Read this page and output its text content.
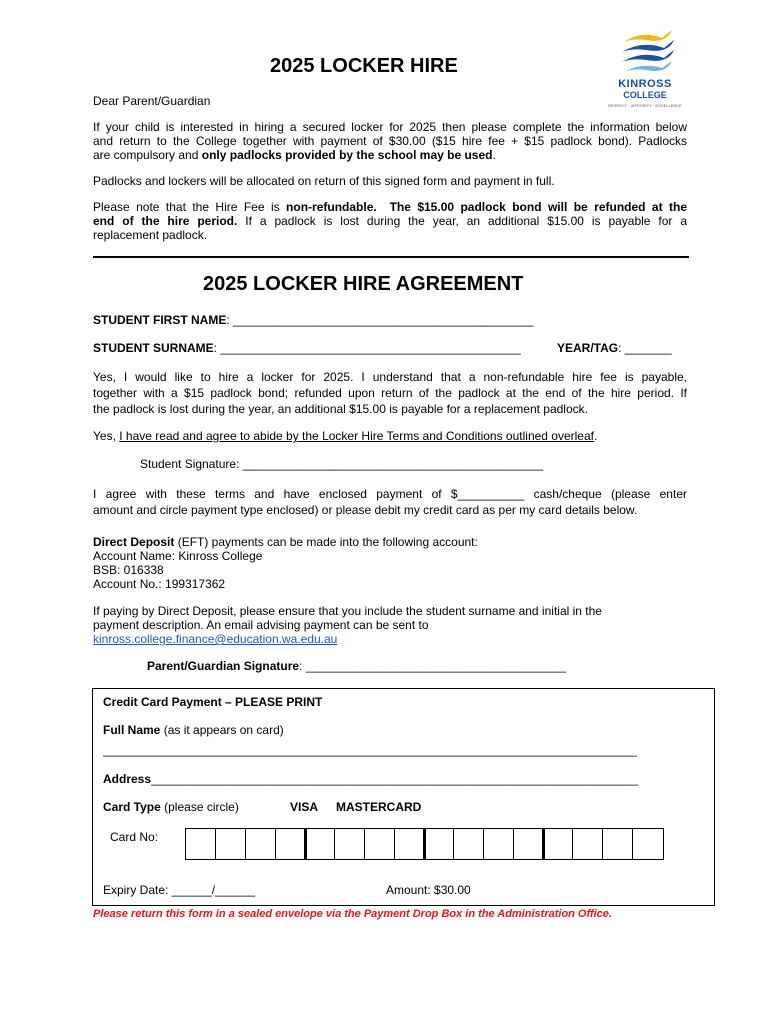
2025 LOCKER HIRE
KINROSS
COLLEGE
RESPECT · INTEGRITY · EXCELLENCE
Dear Parent/Guardian
If your child is interested in hiring a secured locker for 2025 then please complete the information below
and return to the College together with payment of $30.00 ($15 hire fee + $15 padlock bond). Padlocks
are compulsory and only padlocks provided by the school may be used.
Padlocks and lockers will be allocated on return of this signed form and payment in full.
Please note that the Hire Fee is non-refundable. The $15.00 padlock bond will be refunded at the
end of the hire period. If a padlock is lost during the year, an additional $15.00 is payable for a
replacement padlock.
2025 LOCKER HIRE AGREEMENT
STUDENT FIRST NAME: _____________________________________________
STUDENT SURNAME: _____________________________________________	YEAR/TAG: _______
Yes, I would like to hire a locker for 2025. I understand that a non-refundable hire fee is payable,
together with a $15 padlock bond; refunded upon return of the padlock at the end of the hire period. If
the padlock is lost during the year, an additional $15.00 is payable for a replacement padlock.
Yes, I have read and agree to abide by the Locker Hire Terms and Conditions outlined overleaf.
Student Signature: _____________________________________________
I agree with these terms and have enclosed payment of $__________ cash/cheque (please enter
amount and circle payment type enclosed) or please debit my credit card as per my card details below.
Direct Deposit (EFT) payments can be made into the following account:
Account Name: Kinross College
BSB: 016338
Account No.: 199317362
If paying by Direct Deposit, please ensure that you include the student surname and initial in the
payment description. An email advising payment can be sent to
kinross.college.finance@education.wa.edu.au
Parent/Guardian Signature: _______________________________________
Credit Card Payment – PLEASE PRINT
Full Name (as it appears on card)
________________________________________________________________________________
Address_________________________________________________________________________
Card Type (please circle)	VISA MASTERCARD
Card No:
Expiry Date: ______/______	Amount: $30.00
Please return this form in a sealed envelope via the Payment Drop Box in the Administration Office.
